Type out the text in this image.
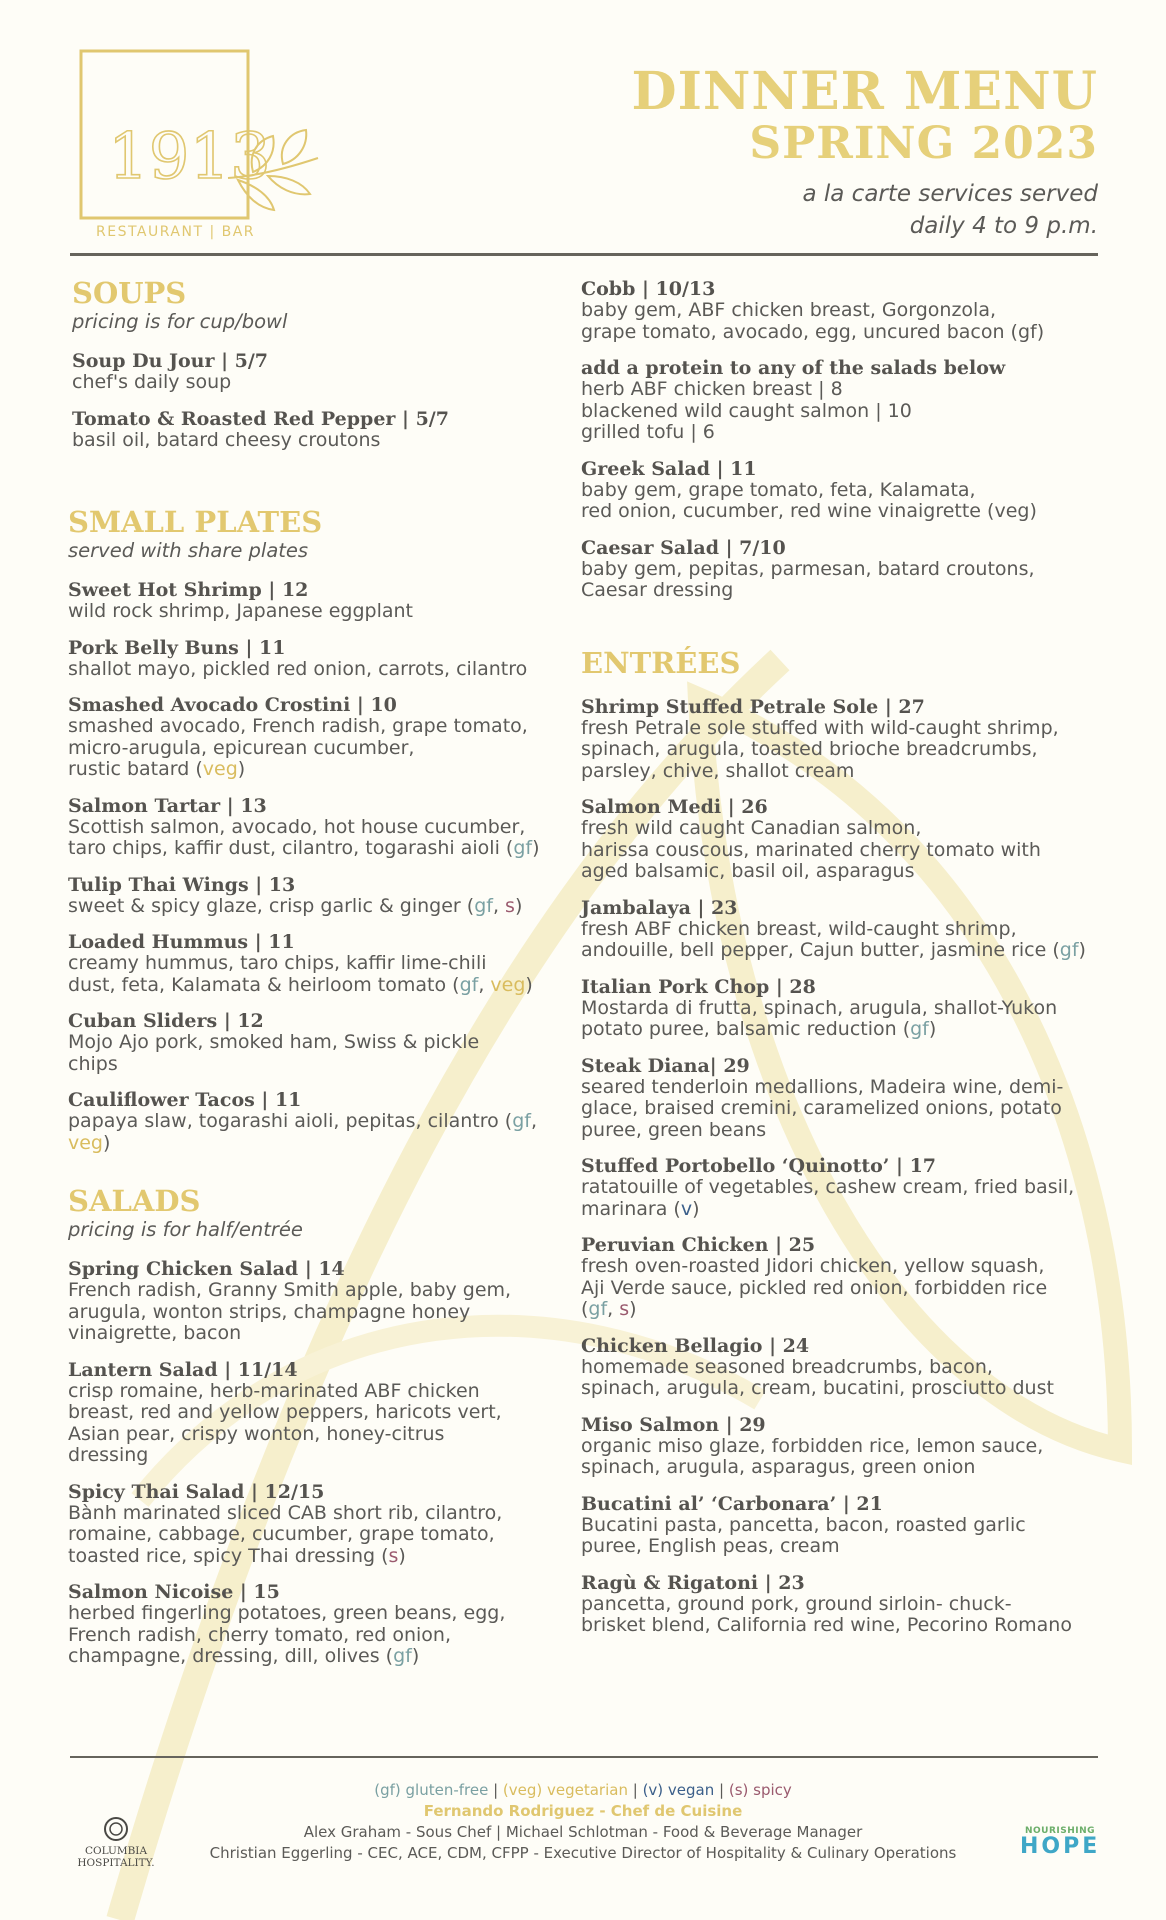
1913
RESTAURANT | BAR
DINNER MENU
SPRING 2023
a la carte services served
daily 4 to 9 p.m.
SOUPS
pricing is for cup/bowl
Soup Du Jour | 5/7
chef's daily soup
Tomato & Roasted Red Pepper | 5/7
basil oil, batard cheesy croutons
SMALL PLATES
served with share plates
Sweet Hot Shrimp | 12
wild rock shrimp, Japanese eggplant
Pork Belly Buns | 11
shallot mayo, pickled red onion, carrots, cilantro
Smashed Avocado Crostini | 10
smashed avocado, French radish, grape tomato,
micro-arugula, epicurean cucumber,
rustic batard (veg)
Salmon Tartar | 13
Scottish salmon, avocado, hot house cucumber,
taro chips, kaffir dust, cilantro, togarashi aioli (gf)
Tulip Thai Wings | 13
sweet & spicy glaze, crisp garlic & ginger (gf, s)
Loaded Hummus | 11
creamy hummus, taro chips, kaffir lime-chili
dust, feta, Kalamata & heirloom tomato (gf, veg)
Cuban Sliders | 12
Mojo Ajo pork, smoked ham, Swiss & pickle
chips
Cauliflower Tacos | 11
papaya slaw, togarashi aioli, pepitas, cilantro (gf,
veg)
SALADS
pricing is for half/entrée
Spring Chicken Salad | 14
French radish, Granny Smith apple, baby gem,
arugula, wonton strips, champagne honey
vinaigrette, bacon
Lantern Salad | 11/14
crisp romaine, herb-marinated ABF chicken
breast, red and yellow peppers, haricots vert,
Asian pear, crispy wonton, honey-citrus
dressing
Spicy Thai Salad | 12/15
Bành marinated sliced CAB short rib, cilantro,
romaine, cabbage, cucumber, grape tomato,
toasted rice, spicy Thai dressing (s)
Salmon Nicoise | 15
herbed fingerling potatoes, green beans, egg,
French radish, cherry tomato, red onion,
champagne, dressing, dill, olives (gf)
Cobb | 10/13
baby gem, ABF chicken breast, Gorgonzola,
grape tomato, avocado, egg, uncured bacon (gf)
add a protein to any of the salads below
herb ABF chicken breast | 8
blackened wild caught salmon | 10
grilled tofu | 6
Greek Salad | 11
baby gem, grape tomato, feta, Kalamata,
red onion, cucumber, red wine vinaigrette (veg)
Caesar Salad | 7/10
baby gem, pepitas, parmesan, batard croutons,
Caesar dressing
ENTRÉES
Shrimp Stuffed Petrale Sole | 27
fresh Petrale sole stuffed with wild-caught shrimp,
spinach, arugula, toasted brioche breadcrumbs,
parsley, chive, shallot cream
Salmon Medi | 26
fresh wild caught Canadian salmon,
harissa couscous, marinated cherry tomato with
aged balsamic, basil oil, asparagus
Jambalaya | 23
fresh ABF chicken breast, wild-caught shrimp,
andouille, bell pepper, Cajun butter, jasmine rice (gf)
Italian Pork Chop | 28
Mostarda di frutta, spinach, arugula, shallot-Yukon
potato puree, balsamic reduction (gf)
Steak Diana| 29
seared tenderloin medallions, Madeira wine, demi-
glace, braised cremini, caramelized onions, potato
puree, green beans
Stuffed Portobello ‘Quinotto’ | 17
ratatouille of vegetables, cashew cream, fried basil,
marinara (v)
Peruvian Chicken | 25
fresh oven-roasted Jidori chicken, yellow squash,
Aji Verde sauce, pickled red onion, forbidden rice
(gf, s)
Chicken Bellagio | 24
homemade seasoned breadcrumbs, bacon,
spinach, arugula, cream, bucatini, prosciutto dust
Miso Salmon | 29
organic miso glaze, forbidden rice, lemon sauce,
spinach, arugula, asparagus, green onion
Bucatini al’ ‘Carbonara’ | 21
Bucatini pasta, pancetta, bacon, roasted garlic
puree, English peas, cream
Ragù & Rigatoni | 23
pancetta, ground pork, ground sirloin- chuck-
brisket blend, California red wine, Pecorino Romano
COLUMBIA
HOSPITALITY.
(gf) gluten-free | (veg) vegetarian | (v) vegan | (s) spicy
Fernando Rodriguez - Chef de Cuisine
Alex Graham - Sous Chef | Michael Schlotman - Food & Beverage Manager
Christian Eggerling - CEC, ACE, CDM, CFPP - Executive Director of Hospitality & Culinary Operations
NOURISHING
HOPE
